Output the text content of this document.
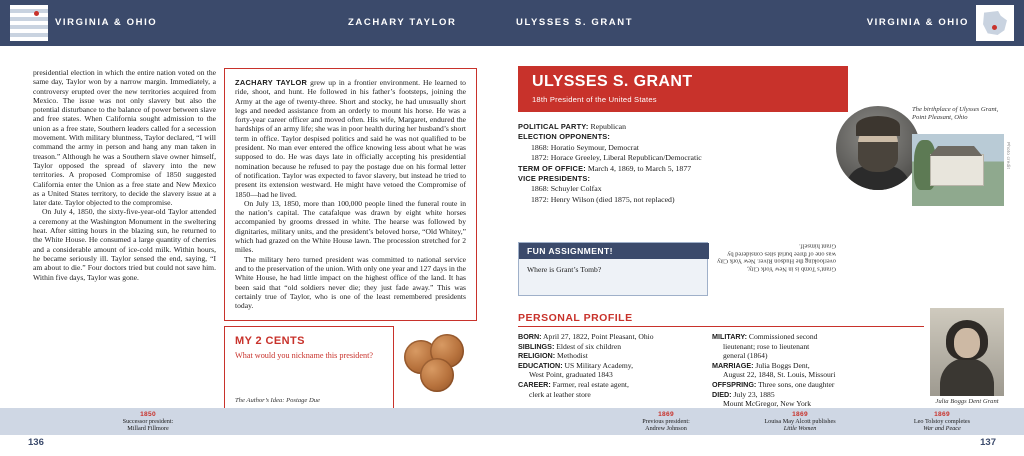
VIRGINIA & OHIO	ZACHARY TAYLOR	ULYSSES S. GRANT	VIRGINIA & OHIO

presidential election in which the entire nation voted on the same day, Taylor won by a narrow margin. Immediately, a controversy erupted over the new territories acquired from Mexico. The issue was not only slavery but also the potential disturbance to the balance of power between slave and free states. When California sought admission to the union as a free state, Southern leaders called for a secession movement. With military bluntness, Taylor declared, “I will command the army in person and hang any man taken in treason.” Although he was a Southern slave owner himself, Taylor opposed the spread of slavery into the new territories. A proposed Compromise of 1850 suggested California enter the Union as a free state and New Mexico as a United States territory, to decide the slavery issue at a later date. Taylor objected to the compromise.

On July 4, 1850, the sixty-five-year-old Taylor attended a ceremony at the Washington Monument in the sweltering heat. After sitting hours in the blazing sun, he returned to the White House. He consumed a large quantity of cherries and a considerable amount of ice-cold milk. Within hours, he became seriously ill. Taylor sensed the end, saying, “I am about to die.” Four doctors tried but could not save him. Within five days, Taylor was gone.

ZACHARY TAYLOR grew up in a frontier environment. He learned to ride, shoot, and hunt. He followed in his father’s footsteps, joining the Army at the age of twenty-three. Short and stocky, he had unusually short legs and needed assistance from an orderly to mount his horse. He was a forty-year career officer and moved often. His wife, Margaret, endured the hardships of an army life; she was in poor health during her husband’s short term in office. Taylor despised politics and said he was not qualified to be president. No man ever entered the office knowing less about what he was supposed to do. He was days late in officially accepting his presidential nomination because he refused to pay the postage due on his formal letter of notification. Taylor was expected to favor slavery, but instead he tried to present its extension westward. He might have vetoed the Compromise of 1850—had he lived.

On July 13, 1850, more than 100,000 people lined the funeral route in the nation’s capital. The catafalque was drawn by eight white horses accompanied by grooms dressed in white. The hearse was followed by dignitaries, military units, and the president’s beloved horse, “Old Whitey,” which had grazed on the White House lawn. The procession stretched for 2 miles.

The military hero turned president was committed to national service and to the preservation of the union. With only one year and 127 days in the White House, he had little impact on the highest office of the land. It has been said that “old soldiers never die; they just fade away.” This was certainly true of Taylor, who is one of the least remembered presidents today.

MY 2 CENTS
What would you nickname this president?
The Author’s Idea: Postage Due
ULYSSES S. GRANT
18th President of the United States
POLITICAL PARTY: Republican
ELECTION OPPONENTS:
1868: Horatio Seymour, Democrat
1872: Horace Greeley, Liberal Republican/Democratic
TERM OF OFFICE: March 4, 1869, to March 5, 1877
VICE PRESIDENTS:
1868: Schuyler Colfax
1872: Henry Wilson (died 1875, not replaced)
The birthplace of Ulysses Grant, Point Pleasant, Ohio
Photo credit
FUN ASSIGNMENT!
Where is Grant’s Tomb?	Grant’s Tomb is in New York City, overlooking the Hudson River. New York City was one of three burial sites considered by Grant himself.
PERSONAL PROFILE
BORN: April 27, 1822, Point Pleasant, Ohio
SIBLINGS: Eldest of six children
RELIGION: Methodist
EDUCATION: US Military Academy,
West Point, graduated 1843
CAREER: Farmer, real estate agent,
clerk at leather store
MILITARY: Commissioned second
lieutenant; rose to lieutenant
general (1864)
MARRIAGE: Julia Boggs Dent,
August 22, 1848, St. Louis, Missouri
OFFSPRING: Three sons, one daughter
DIED: July 23, 1885
Mount McGregor, New York	Julia Boggs Dent Grant
1850
Successor president:
Millard Fillmore
1869
Previous president:
Andrew Johnson
1869
Louisa May Alcott publishes
Little Women
1869
Leo Tolstoy completes
War and Peace
136	137
